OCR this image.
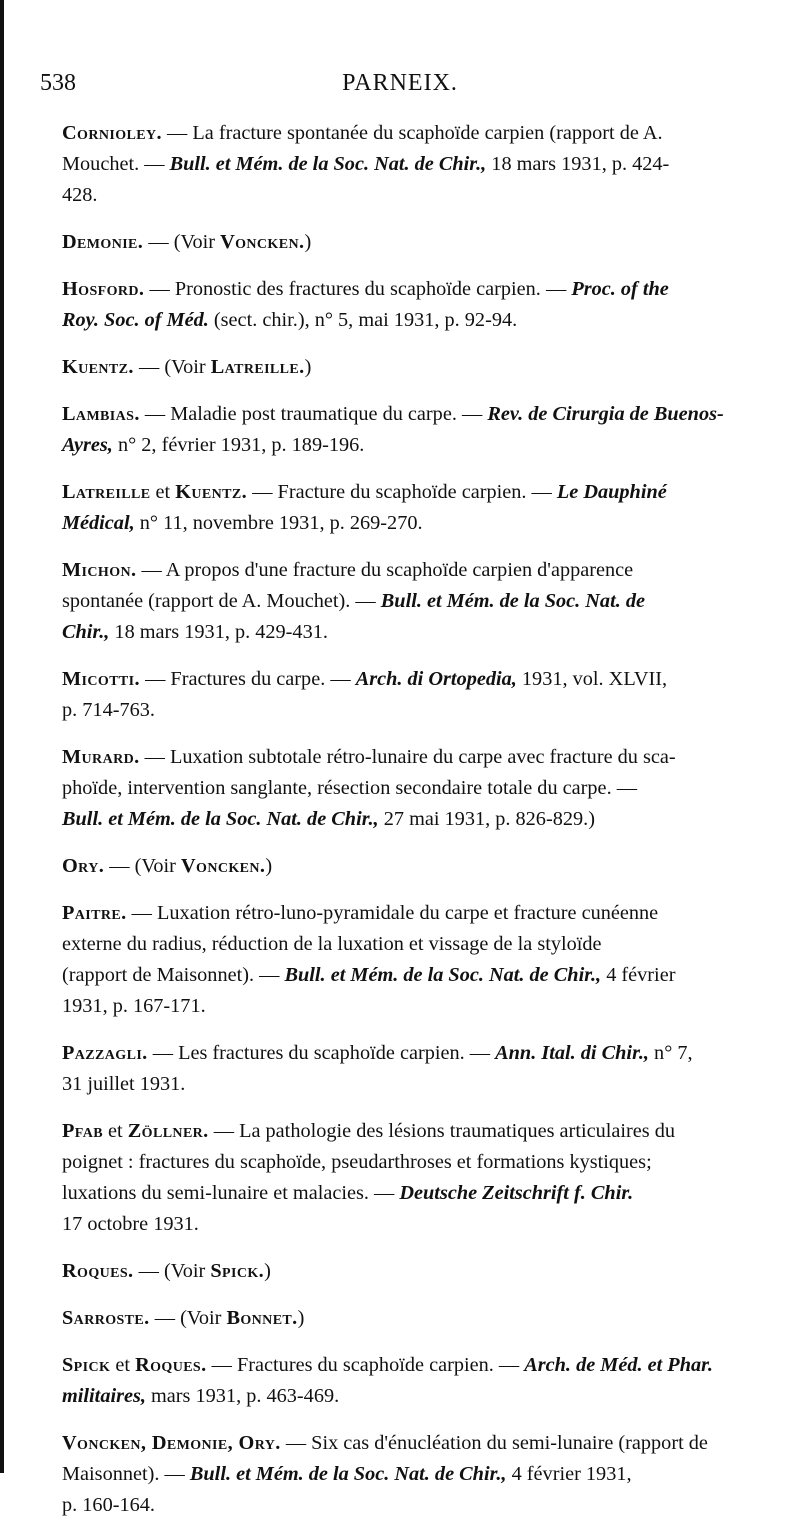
538	PARNEIX.
Cornioley. — La fracture spontanée du scaphoïde carpien (rapport de A.
Mouchet. — Bull. et Mém. de la Soc. Nat. de Chir., 18 mars 1931, p. 424-
428.
Demonie. — (Voir Voncken.)
Hosford. — Pronostic des fractures du scaphoïde carpien. — Proc. of the
Roy. Soc. of Méd. (sect. chir.), n° 5, mai 1931, p. 92-94.
Kuentz. — (Voir Latreille.)
Lambias. — Maladie post traumatique du carpe. — Rev. de Cirurgia de Buenos-
Ayres, n° 2, février 1931, p. 189-196.
Latreille et Kuentz. — Fracture du scaphoïde carpien. — Le Dauphiné
Médical, n° 11, novembre 1931, p. 269-270.
Michon. — A propos d'une fracture du scaphoïde carpien d'apparence
spontanée (rapport de A. Mouchet). — Bull. et Mém. de la Soc. Nat. de
Chir., 18 mars 1931, p. 429-431.
Micotti. — Fractures du carpe. — Arch. di Ortopedia, 1931, vol. XLVII,
p. 714-763.
Murard. — Luxation subtotale rétro-lunaire du carpe avec fracture du sca-
phoïde, intervention sanglante, résection secondaire totale du carpe. —
Bull. et Mém. de la Soc. Nat. de Chir., 27 mai 1931, p. 826-829.)
Ory. — (Voir Voncken.)
Paitre. — Luxation rétro-luno-pyramidale du carpe et fracture cunéenne
externe du radius, réduction de la luxation et vissage de la styloïde
(rapport de Maisonnet). — Bull. et Mém. de la Soc. Nat. de Chir., 4 février
1931, p. 167-171.
Pazzagli. — Les fractures du scaphoïde carpien. — Ann. Ital. di Chir., n° 7,
31 juillet 1931.
Pfab et Zöllner. — La pathologie des lésions traumatiques articulaires du
poignet : fractures du scaphoïde, pseudarthroses et formations kystiques;
luxations du semi-lunaire et malacies. — Deutsche Zeitschrift f. Chir.
17 octobre 1931.
Roques. — (Voir Spick.)
Sarroste. — (Voir Bonnet.)
Spick et Roques. — Fractures du scaphoïde carpien. — Arch. de Méd. et Phar.
militaires, mars 1931, p. 463-469.
Voncken, Demonie, Ory. — Six cas d'énucléation du semi-lunaire (rapport de
Maisonnet). — Bull. et Mém. de la Soc. Nat. de Chir., 4 février 1931,
p. 160-164.
